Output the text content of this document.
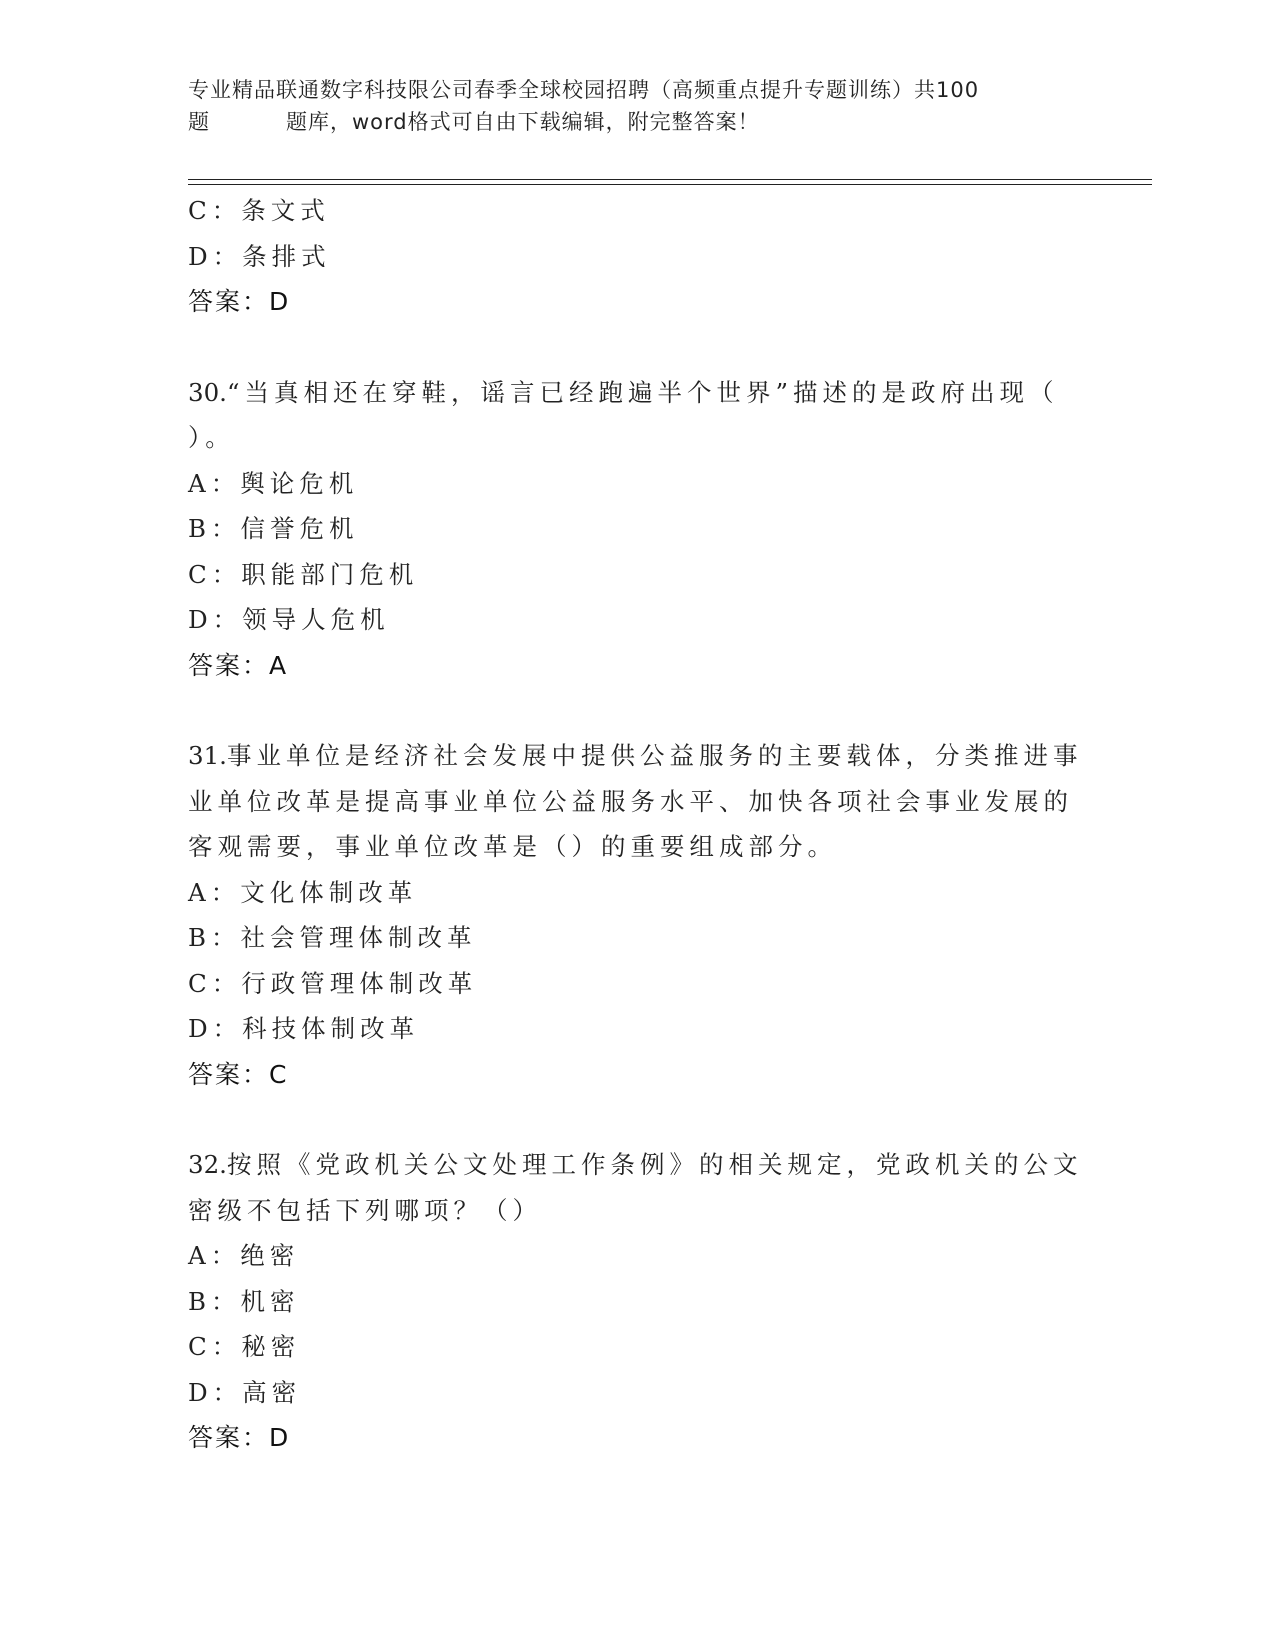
专业精品联通数字科技限公司春季全球校园招聘（高频重点提升专题训练）共100
题	题库，word格式可自由下载编辑，附完整答案！
C：条文式
D：条排式
答案：D
30.“当真相还在穿鞋，谣言已经跑遍半个世界”描述的是政府出现（
）。
A：舆论危机
B：信誉危机
C：职能部门危机
D：领导人危机
答案：A
31.事业单位是经济社会发展中提供公益服务的主要载体，分类推进事
业单位改革是提高事业单位公益服务水平、加快各项社会事业发展的
客观需要，事业单位改革是（）的重要组成部分。
A：文化体制改革
B：社会管理体制改革
C：行政管理体制改革
D：科技体制改革
答案：C
32.按照《党政机关公文处理工作条例》的相关规定，党政机关的公文
密级不包括下列哪项？（）
A：绝密
B：机密
C：秘密
D：高密
答案：D
